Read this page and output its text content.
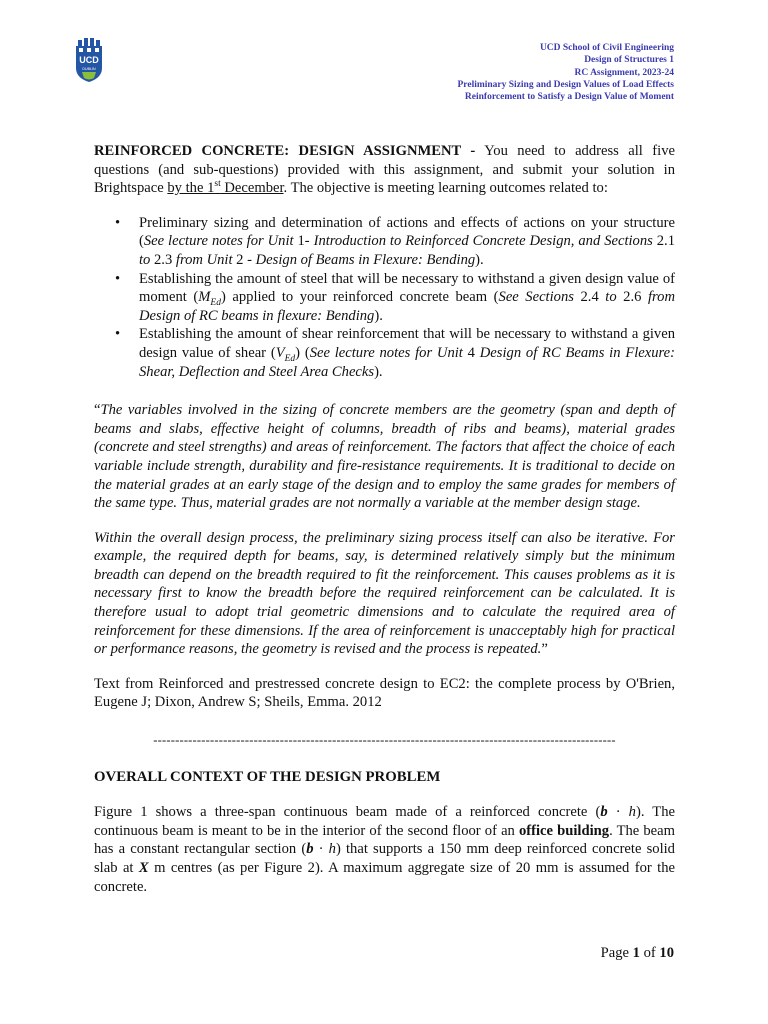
UCD
DUBLIN
UCD School of Civil Engineering
Design of Structures 1
RC Assignment, 2023-24
Preliminary Sizing and Design Values of Load Effects
Reinforcement to Satisfy a Design Value of Moment

REINFORCED CONCRETE: DESIGN ASSIGNMENT - You need to address all five questions (and sub-questions) provided with this assignment, and submit your solution in Brightspace by the 1st December. The objective is meeting learning outcomes related to:

• Preliminary sizing and determination of actions and effects of actions on your structure (See lecture notes for Unit 1- Introduction to Reinforced Concrete Design, and Sections 2.1 to 2.3 from Unit 2 - Design of Beams in Flexure: Bending).
• Establishing the amount of steel that will be necessary to withstand a given design value of moment $(M_{Ed})$ applied to your reinforced concrete beam (See Sections 2.4 to 2.6 from Design of RC beams in flexure: Bending).
• Establishing the amount of shear reinforcement that will be necessary to withstand a given design value of shear $(V_{Ed})$ (See lecture notes for Unit 4 Design of RC Beams in Flexure: Shear, Deflection and Steel Area Checks).

“The variables involved in the sizing of concrete members are the geometry (span and depth of beams and slabs, effective height of columns, breadth of ribs and beams), material grades (concrete and steel strengths) and areas of reinforcement. The factors that affect the choice of each variable include strength, durability and fire-resistance requirements. It is traditional to decide on the material grades at an early stage of the design and to employ the same grades for members of the same type. Thus, material grades are not normally a variable at the member design stage.

Within the overall design process, the preliminary sizing process itself can also be iterative. For example, the required depth for beams, say, is determined relatively simply but the minimum breadth can depend on the breadth required to fit the reinforcement. This causes problems as it is necessary first to know the breadth before the required reinforcement can be calculated. It is therefore usual to adopt trial geometric dimensions and to calculate the required area of reinforcement for these dimensions. If the area of reinforcement is unacceptably high for practical or performance reasons, the geometry is revised and the process is repeated.”

Text from Reinforced and prestressed concrete design to EC2: the complete process by O'Brien, Eugene J; Dixon, Andrew S; Sheils, Emma. 2012

----------------------------------------------------------------------------------------------------------

OVERALL CONTEXT OF THE DESIGN PROBLEM

Figure 1 shows a three-span continuous beam made of a reinforced concrete (b · h). The continuous beam is meant to be in the interior of the second floor of an office building. The beam has a constant rectangular section (b · h) that supports a 150 mm deep reinforced concrete solid slab at X m centres (as per Figure 2). A maximum aggregate size of 20 mm is assumed for the concrete.

Page 1 of 10
